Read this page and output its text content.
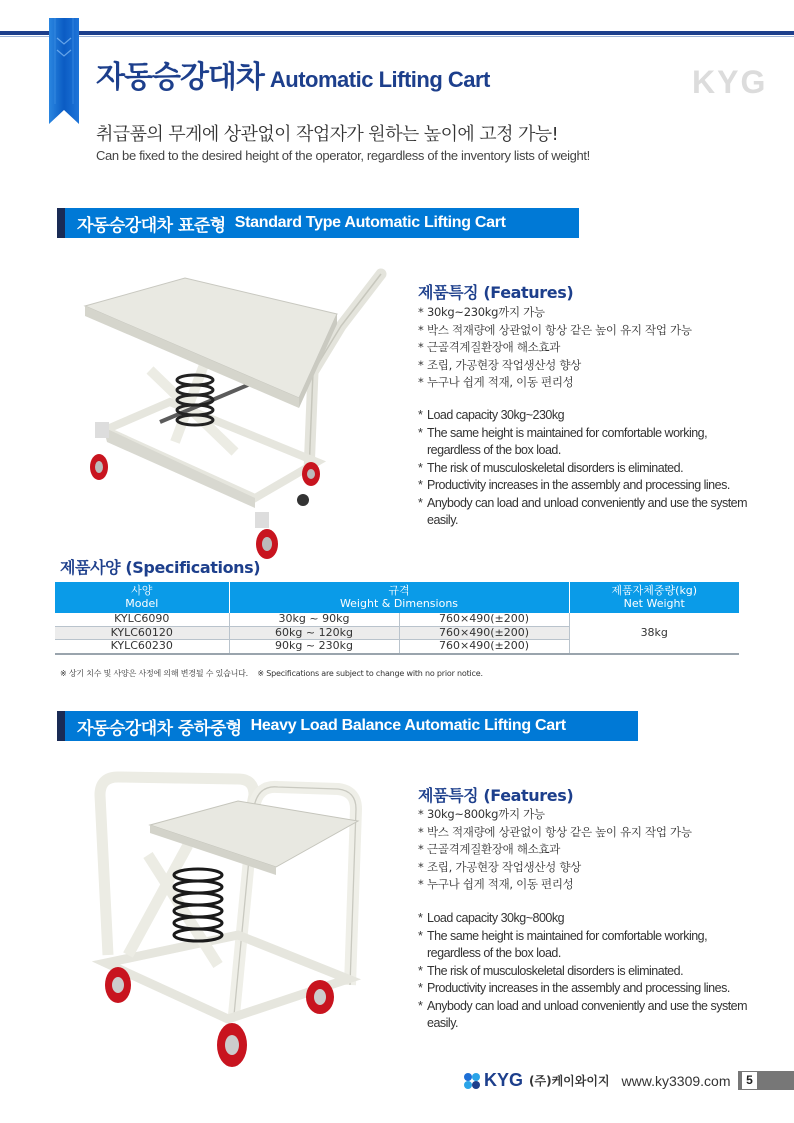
자동승강대차 Automatic Lifting Cart	KYG
취급품의 무게에 상관없이 작업자가 원하는 높이에 고정 가능!
Can be fixed to the desired height of the operator, regardless of the inventory lists of weight!
자동승강대차 표준형 Standard Type Automatic Lifting Cart
제품특징 (Features)
* 30kg~230kg까지 가능
* 박스 적재량에 상관없이 항상 같은 높이 유지 작업 가능
* 근골격계질환장애 해소효과
* 조립, 가공현장 작업생산성 향상
* 누구나 쉽게 적재, 이동 편리성
* Load capacity 30kg~230kg
* The same height is maintained for comfortable working, regardless of the box load.
* The risk of musculoskeletal disorders is eliminated.
* Productivity increases in the assembly and processing lines.
* Anybody can load and unload conveniently and use the system easily.
제품사양 (Specifications)
사양
Model	규격
Weight & Dimensions		제품자체중량(kg)
Net Weight
KYLC6090	30kg ~ 90kg	760×490(±200)	38kg
KYLC60120	60kg ~ 120kg	760×490(±200)	
KYLC60230	90kg ~ 230kg	760×490(±200)	
※ 상기 치수 및 사양은 사정에 의해 변경될 수 있습니다.    ※ Specifications are subject to change with no prior notice.
자동승강대차 중하중형 Heavy Load Balance Automatic Lifting Cart
제품특징 (Features)
* 30kg~800kg까지 가능
* 박스 적재량에 상관없이 항상 같은 높이 유지 작업 가능
* 근골격계질환장애 해소효과
* 조립, 가공현장 작업생산성 향상
* 누구나 쉽게 적재, 이동 편리성
* Load capacity 30kg~800kg
* The same height is maintained for comfortable working, regardless of the box load.
* The risk of musculoskeletal disorders is eliminated.
* Productivity increases in the assembly and processing lines.
* Anybody can load and unload conveniently and use the system easily.
KYG (주)케이와이지 www.ky3309.com	5
